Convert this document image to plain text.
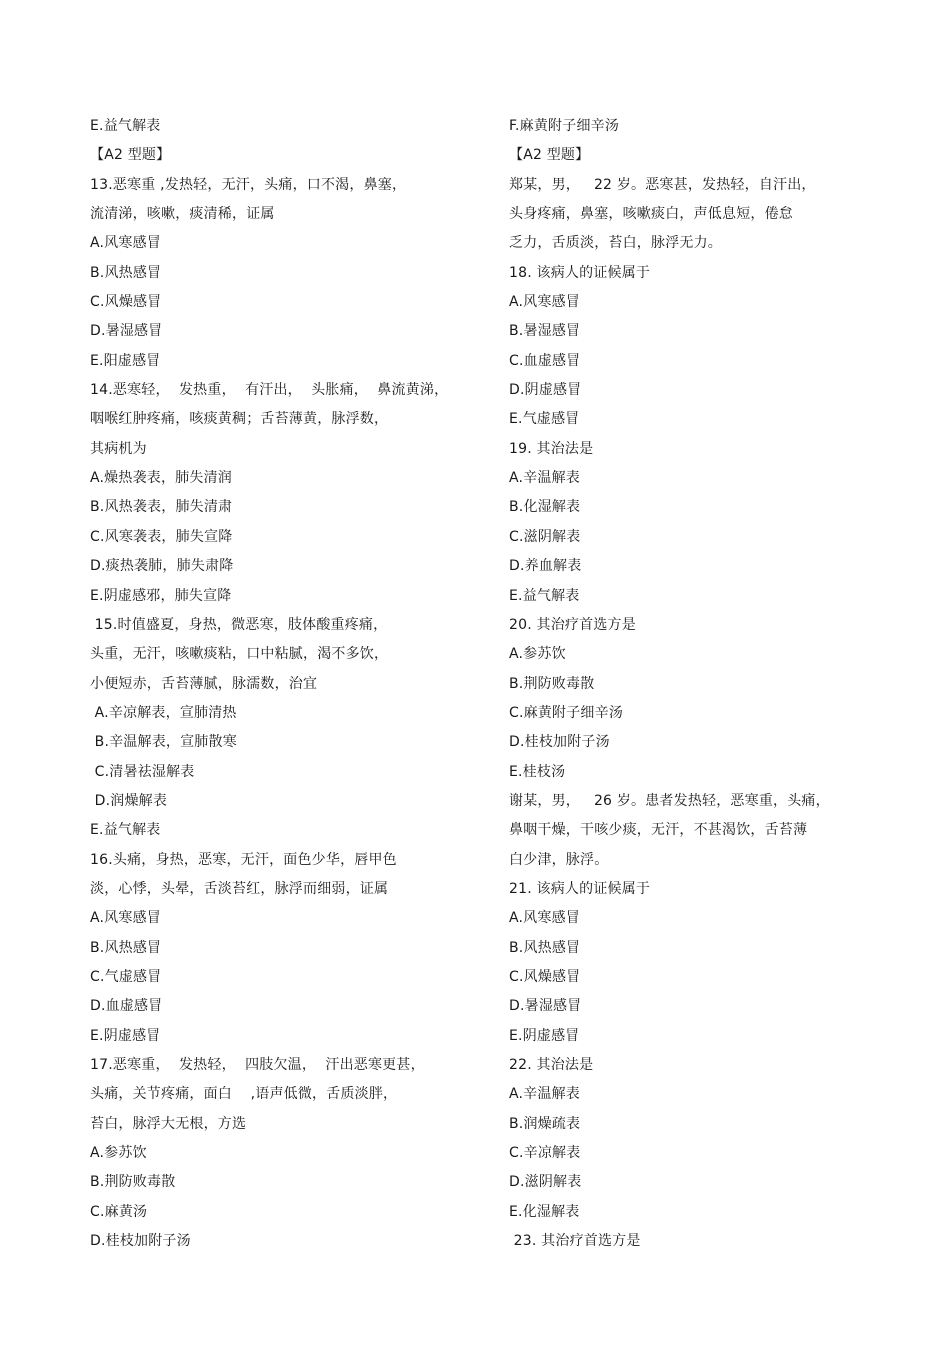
E.益气解表
【A2 型题】
13.恶寒重 ,发热轻，无汗，头痛，口不渴，鼻塞，
流清涕，咳嗽，痰清稀，证属
A.风寒感冒
B.风热感冒
C.风燥感冒
D.暑湿感冒
E.阳虚感冒
14.恶寒轻，  发热重，  有汗出，  头胀痛，  鼻流黄涕，
咽喉红肿疼痛，咳痰黄稠；舌苔薄黄，脉浮数，
其病机为
A.燥热袭表，肺失清润
B.风热袭表，肺失清肃
C.风寒袭表，肺失宣降
D.痰热袭肺，肺失肃降
E.阴虚感邪，肺失宣降
15.时值盛夏，身热，微恶寒，肢体酸重疼痛，
头重，无汗，咳嗽痰粘，口中粘腻，渴不多饮，
小便短赤，舌苔薄腻，脉濡数，治宜
A.辛凉解表，宣肺清热
B.辛温解表，宣肺散寒
C.清暑祛湿解表
D.润燥解表
E.益气解表
16.头痛，身热，恶寒，无汗，面色少华，唇甲色
淡，心悸，头晕，舌淡苔红，脉浮而细弱，证属
A.风寒感冒
B.风热感冒
C.气虚感冒
D.血虚感冒
E.阴虚感冒
17.恶寒重，  发热轻，  四肢欠温，  汗出恶寒更甚，
头痛，关节疼痛，面白    ,语声低微，舌质淡胖，
苔白，脉浮大无根，方选
A.参苏饮
B.荆防败毒散
C.麻黄汤
D.桂枝加附子汤
F.麻黄附子细辛汤
【A2 型题】
郑某，男，   22 岁。恶寒甚，发热轻，自汗出，
头身疼痛，鼻塞，咳嗽痰白，声低息短，倦怠
乏力，舌质淡，苔白，脉浮无力。
18. 该病人的证候属于
A.风寒感冒
B.暑湿感冒
C.血虚感冒
D.阴虚感冒
E.气虚感冒
19. 其治法是
A.辛温解表
B.化湿解表
C.滋阴解表
D.养血解表
E.益气解表
20. 其治疗首选方是
A.参苏饮
B.荆防败毒散
C.麻黄附子细辛汤
D.桂枝加附子汤
E.桂枝汤
谢某，男，   26 岁。患者发热轻，恶寒重，头痛，
鼻咽干燥，干咳少痰，无汗，不甚渴饮，舌苔薄
白少津，脉浮。
21. 该病人的证候属于
A.风寒感冒
B.风热感冒
C.风燥感冒
D.暑湿感冒
E.阴虚感冒
22. 其治法是
A.辛温解表
B.润燥疏表
C.辛凉解表
D.滋阴解表
E.化湿解表
23. 其治疗首选方是
